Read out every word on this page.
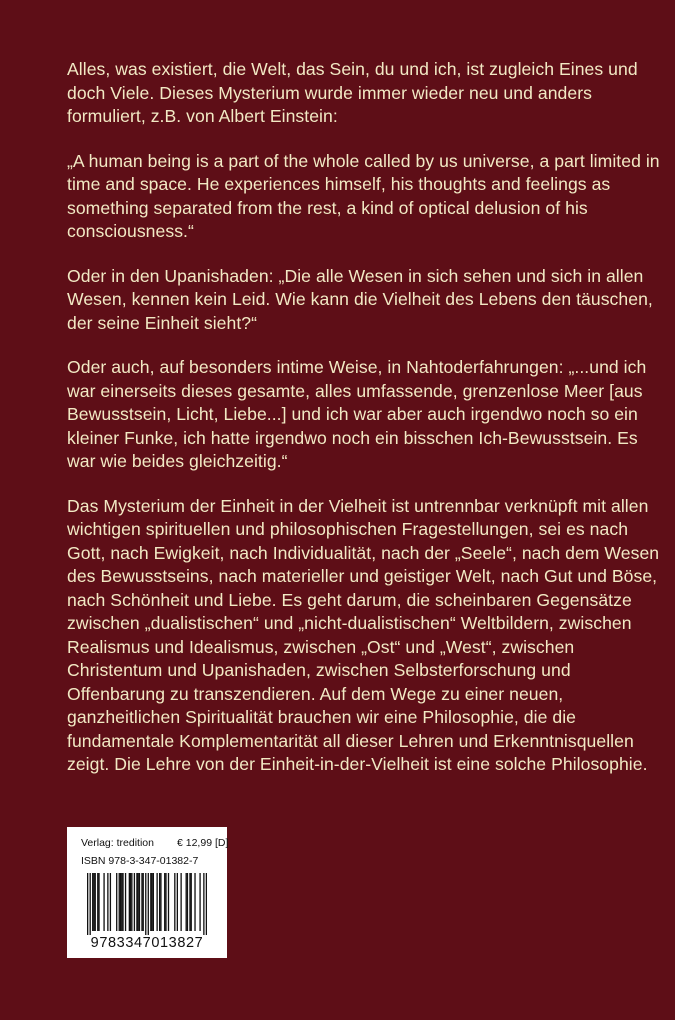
Alles, was existiert, die Welt, das Sein, du und ich, ist zugleich Eines und
doch Viele. Dieses Mysterium wurde immer wieder neu und anders
formuliert, z.B. von Albert Einstein:

„A human being is a part of the whole called by us universe, a part limited in
time and space. He experiences himself, his thoughts and feelings as
something separated from the rest, a kind of optical delusion of his
consciousness.“

Oder in den Upanishaden: „Die alle Wesen in sich sehen und sich in allen
Wesen, kennen kein Leid. Wie kann die Vielheit des Lebens den täuschen,
der seine Einheit sieht?“

Oder auch, auf besonders intime Weise, in Nahtoderfahrungen: „...und ich
war einerseits dieses gesamte, alles umfassende, grenzenlose Meer [aus
Bewusstsein, Licht, Liebe...] und ich war aber auch irgendwo noch so ein
kleiner Funke, ich hatte irgendwo noch ein bisschen Ich-Bewusstsein. Es
war wie beides gleichzeitig.“

Das Mysterium der Einheit in der Vielheit ist untrennbar verknüpft mit allen
wichtigen spirituellen und philosophischen Fragestellungen, sei es nach
Gott, nach Ewigkeit, nach Individualität, nach der „Seele“, nach dem Wesen
des Bewusstseins, nach materieller und geistiger Welt, nach Gut und Böse,
nach Schönheit und Liebe. Es geht darum, die scheinbaren Gegensätze
zwischen „dualistischen“ und „nicht-dualistischen“ Weltbildern, zwischen
Realismus und Idealismus, zwischen „Ost“ und „West“, zwischen
Christentum und Upanishaden, zwischen Selbsterforschung und
Offenbarung zu transzendieren. Auf dem Wege zu einer neuen,
ganzheitlichen Spiritualität brauchen wir eine Philosophie, die die
fundamentale Komplementarität all dieser Lehren und Erkenntnisquellen
zeigt. Die Lehre von der Einheit-in-der-Vielheit ist eine solche Philosophie.

Verlag: tredition € 12,99 [D]
ISBN 978-3-347-01382-7
9783347013827
